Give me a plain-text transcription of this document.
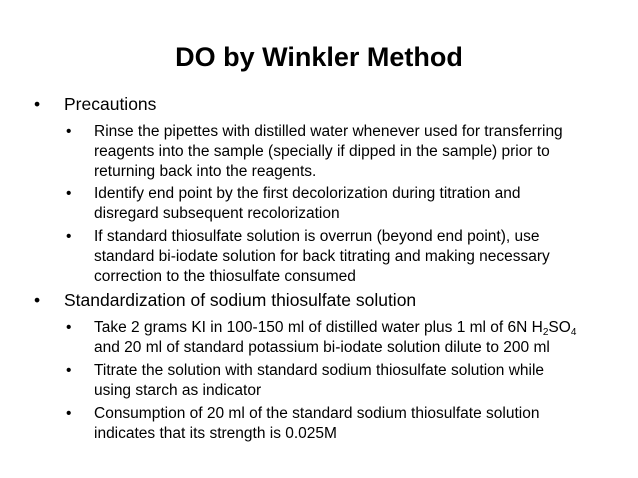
DO by Winkler Method
• Precautions
• Rinse the pipettes with distilled water whenever used for transferring
reagents into the sample (specially if dipped in the sample) prior to
returning back into the reagents.
• Identify end point by the first decolorization during titration and
disregard subsequent recolorization
• If standard thiosulfate solution is overrun (beyond end point), use
standard bi-iodate solution for back titrating and making necessary
correction to the thiosulfate consumed
• Standardization of sodium thiosulfate solution
• Take 2 grams KI in 100-150 ml of distilled water plus 1 ml of 6N $H_2SO_4$
and 20 ml of standard potassium bi-iodate solution dilute to 200 ml
• Titrate the solution with standard sodium thiosulfate solution while
using starch as indicator
• Consumption of 20 ml of the standard sodium thiosulfate solution
indicates that its strength is 0.025M
